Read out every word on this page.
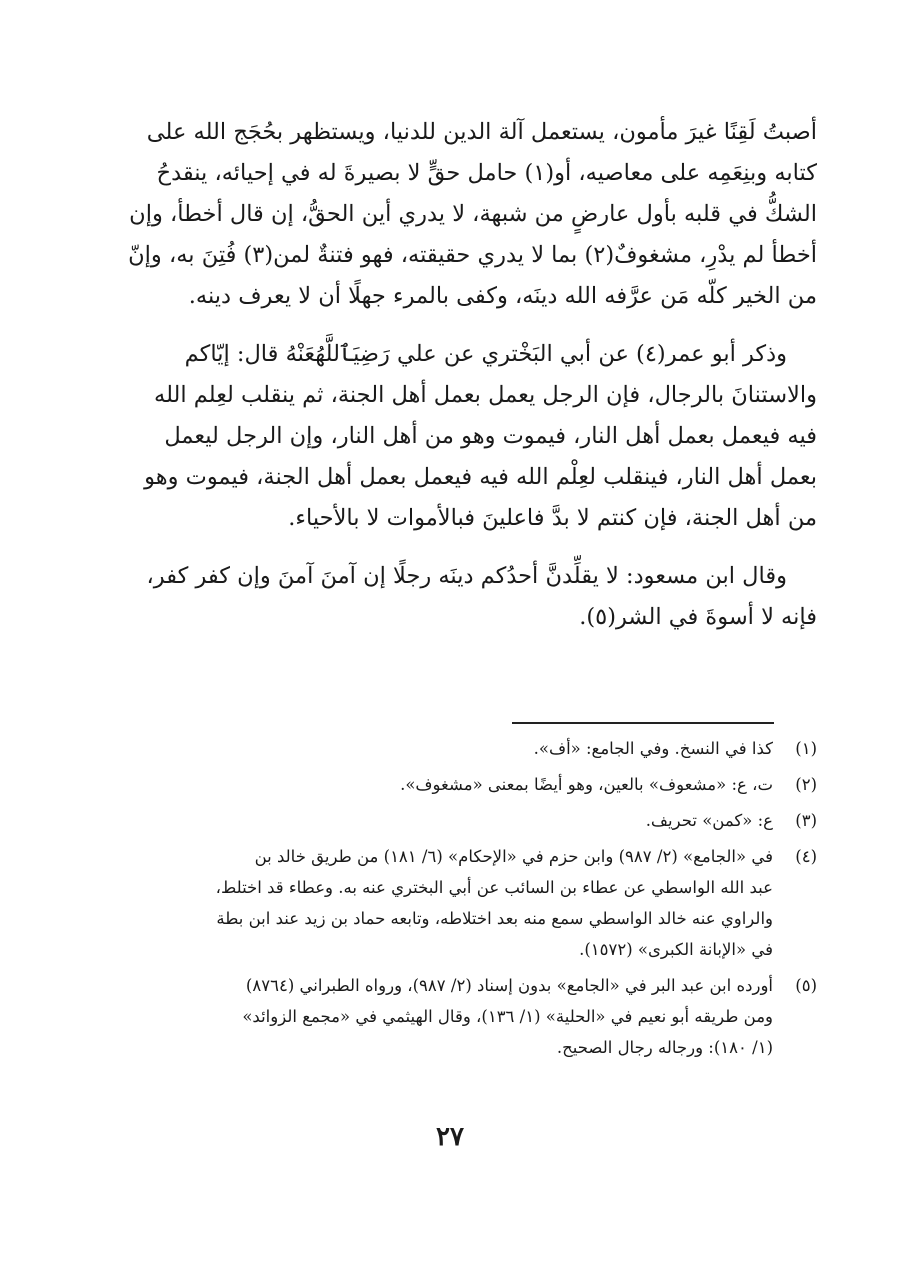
أصبتُ لَقِنًا غيرَ مأمون، يستعمل آلة الدين للدنيا، ويستظهر بحُجَج الله على
كتابه وبنِعَمِه على معاصيه، أو(١) حامل حقٍّ لا بصيرةَ له في إحيائه، ينقدحُ
الشكُّ في قلبه بأول عارضٍ من شبهة، لا يدري أين الحقُّ، إن قال أخطأ، وإن
أخطأ لم يدْرِ، مشغوفٌ(٢) بما لا يدري حقيقته، فهو فتنةٌ لمن(٣) فُتِنَ به، وإنّ
من الخير كلّه مَن عرَّفه الله دينَه، وكفى بالمرء جهلًا أن لا يعرف دينه.

وذكر أبو عمر(٤) عن أبي البَخْتري عن علي رَضِيَٱللَّهُعَنْهُ قال: إيّاكم
والاستنانَ بالرجال، فإن الرجل يعمل بعمل أهل الجنة، ثم ينقلب لعِلم الله
فيه فيعمل بعمل أهل النار، فيموت وهو من أهل النار، وإن الرجل ليعمل
بعمل أهل النار، فينقلب لعِلْم الله فيه فيعمل بعمل أهل الجنة، فيموت وهو
من أهل الجنة، فإن كنتم لا بدَّ فاعلينَ فبالأموات لا بالأحياء.

وقال ابن مسعود: لا يقلِّدنَّ أحدُكم دينَه رجلًا إن آمنَ آمنَ وإن كفر كفر،
فإنه لا أسوةَ في الشر(٥).

(١)
كذا في النسخ. وفي الجامع: «أف».
(٢)
ت، ع: «مشعوف» بالعين، وهو أيضًا بمعنى «مشغوف».
(٣)
ع: «كمن» تحريف.
(٤)
في «الجامع» (٢/ ٩٨٧) وابن حزم في «الإحكام» (٦/ ١٨١) من طريق خالد بن
عبد الله الواسطي عن عطاء بن السائب عن أبي البختري عنه به. وعطاء قد اختلط،
والراوي عنه خالد الواسطي سمع منه بعد اختلاطه، وتابعه حماد بن زيد عند ابن بطة
في «الإبانة الكبرى» (١٥٧٢).
(٥)
أورده ابن عبد البر في «الجامع» بدون إسناد (٢/ ٩٨٧)، ورواه الطبراني (٨٧٦٤)
ومن طريقه أبو نعيم في «الحلية» (١/ ١٣٦)، وقال الهيثمي في «مجمع الزوائد»
(١/ ١٨٠): ورجاله رجال الصحيح.
٢٧
